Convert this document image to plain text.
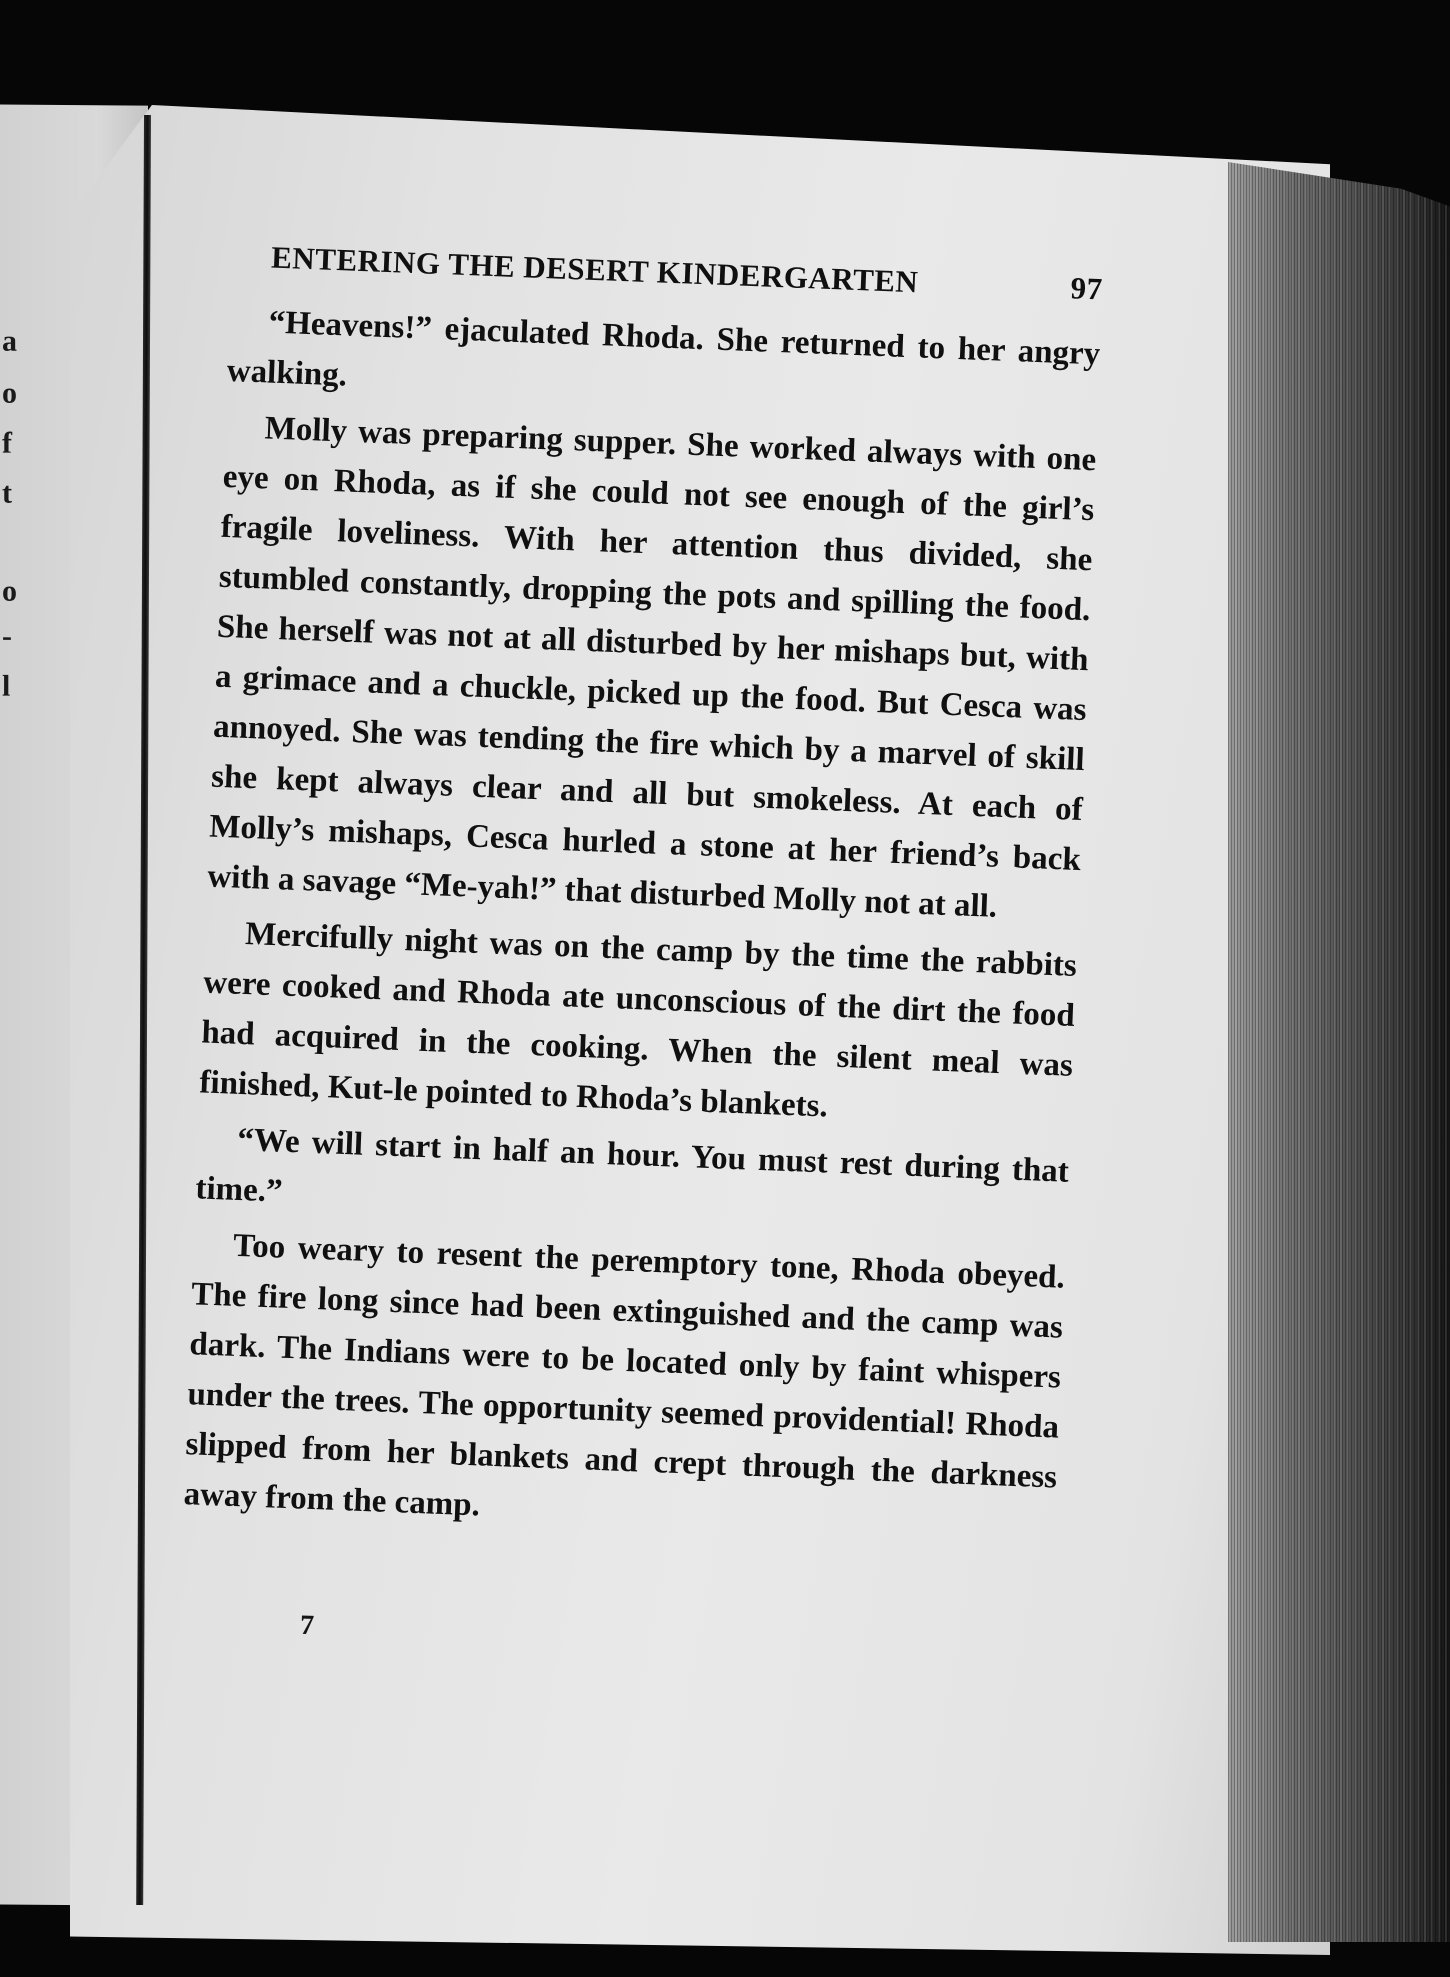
a
o
f
t
o
-
l
ENTERING THE DESERT KINDERGARTEN	97

“Heavens!” ejaculated Rhoda. She returned to her angry walking.

Molly was preparing supper. She worked always with one eye on Rhoda, as if she could not see enough of the girl’s fragile loveliness. With her attention thus divided, she stumbled constantly, dropping the pots and spilling the food. She herself was not at all disturbed by her mishaps but, with a grimace and a chuckle, picked up the food. But Cesca was annoyed. She was tending the fire which by a marvel of skill she kept always clear and all but smokeless. At each of Molly’s mishaps, Cesca hurled a stone at her friend’s back with a savage “Me-yah!” that disturbed Molly not at all.

Mercifully night was on the camp by the time the rabbits were cooked and Rhoda ate unconscious of the dirt the food had acquired in the cooking. When the silent meal was finished, Kut-le pointed to Rhoda’s blankets.

“We will start in half an hour. You must rest during that time.”

Too weary to resent the peremptory tone, Rhoda obeyed. The fire long since had been extinguished and the camp was dark. The Indians were to be located only by faint whispers under the trees. The opportunity seemed providential! Rhoda slipped from her blankets and crept through the darkness away from the camp.

7
